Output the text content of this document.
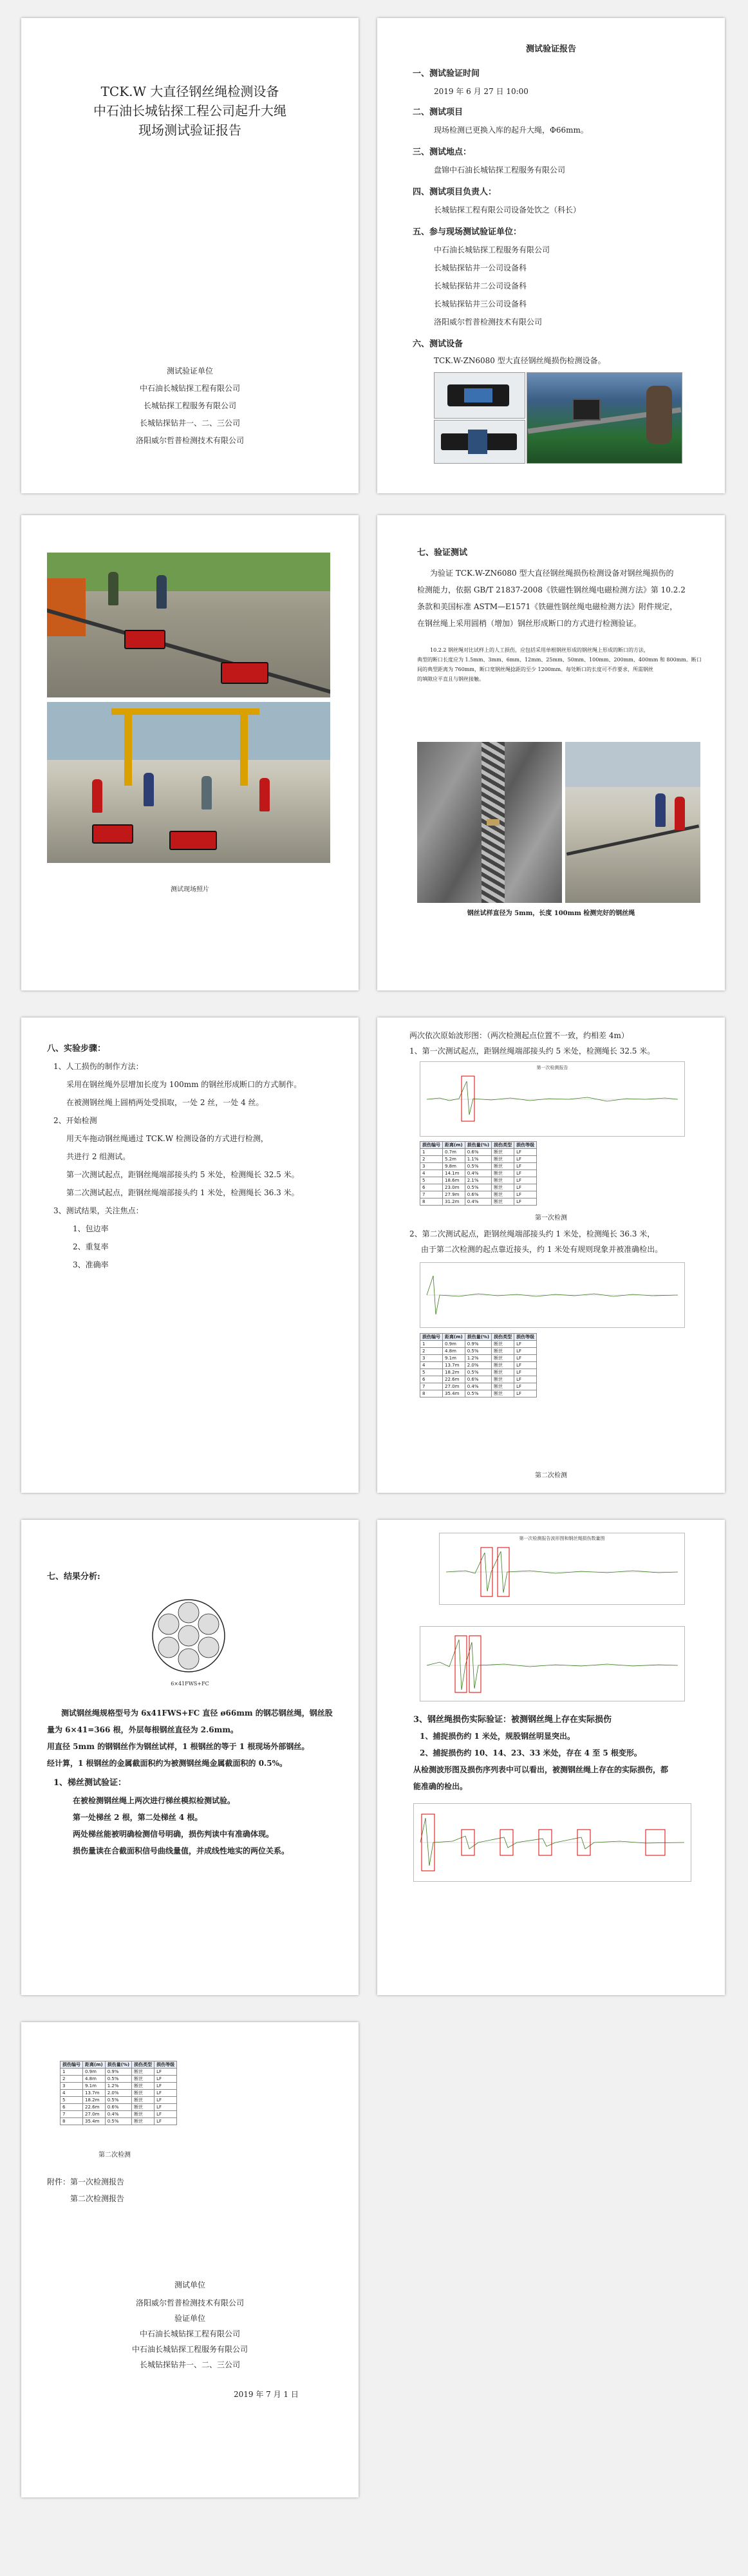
TCK.W 大直径钢丝绳检测设备
中石油长城钻探工程公司起升大绳
现场测试验证报告
测试验证单位
中石油长城钻探工程有限公司
长城钻探工程服务有限公司
长城钻探钻井一、二、三公司
洛阳威尔哲普检测技术有限公司
测试验证报告
一、测试验证时间
2019 年 6 月 27 日 10:00
二、测试项目
现场检测已更换入库的起升大绳，Φ66mm。
三、测试地点：
盘锦中石油长城钻探工程服务有限公司
四、测试项目负责人：
长城钻探工程有限公司设备处饮之（科长）
五、参与现场测试验证单位：
中石油长城钻探工程服务有限公司
长城钻探钻井一公司设备科
长城钻探钻井二公司设备科
长城钻探钻井三公司设备科
洛阳威尔哲普检测技术有限公司
六、测试设备
TCK.W-ZN6080 型大直径钢丝绳损伤检测设备。
测试现场照片
七、验证测试
为验证 TCK.W-ZN6080 型大直径钢丝绳损伤检测设备对钢丝绳损伤的
检测能力，依据 GB/T 21837-2008《铁磁性钢丝绳电磁检测方法》第 10.2.2
条款和美国标准 ASTM—E1571《铁磁性钢丝绳电磁检测方法》附件规定，
在钢丝绳上采用圆梢（增加）钢丝形成断口的方式进行检测验证。
10.2.2 钢丝绳对比试样上的人工损伤，应包括采用单根钢丝形成的钢丝绳上形成的断口的方法，
典型的断口长度应为 1.5mm、3mm、6mm、12mm、25mm、50mm、100mm、200mm、400mm 和 800mm。断口
间的典型距离为 760mm，断口宽钢丝绳捻距的至少 1200mm。每处断口的长度可不作要求，所需钢丝
的填隙应平直且与钢丝接触。
钢丝试样直径为 5mm，长度 100mm 检测完好的钢丝绳
八、实验步骤：
1、人工损伤的制作方法：
采用在钢丝绳外层增加长度为 100mm 的钢丝形成断口的方式制作。
在被测钢丝绳上圆梢两处受损取，一处 2 丝，一处 4 丝。
2、开始检测
用天车拖动钢丝绳通过 TCK.W 检测设备的方式进行检测，
共进行 2 组测试。
第一次测试起点，距钢丝绳端部接头约 5 米处，检测绳长 32.5 米。
第二次测试起点，距钢丝绳端部接头约 1 米处，检测绳长 36.3 米。
3、测试结果，关注焦点：
1、包边率
2、重复率
3、准确率
两次依次原始波形图：（两次检测起点位置不一致，约相差 4m）
1、第一次测试起点，距钢丝绳端部接头约 5 米处，检测绳长 32.5 米。
第一次检测报告
损伤编号	距离(m)	损伤量(%)	损伤类型	损伤等级
1	0.7m	0.6%	断丝	LF
2	5.2m	1.1%	断丝	LF
3	9.8m	0.5%	断丝	LF
4	14.1m	0.4%	断丝	LF
5	18.6m	2.1%	断丝	LF
6	23.0m	0.5%	断丝	LF
7	27.9m	0.6%	断丝	LF
8	31.2m	0.4%	断丝	LF
第一次检测
2、第二次测试起点，距钢丝绳端部接头约 1 米处，检测绳长 36.3 米，
由于第二次检测的起点靠近接头，约 1 米处有规则现象并被准确检出。
损伤编号	距离(m)	损伤量(%)	损伤类型	损伤等级
1	0.9m	0.9%	断丝	LF
2	4.8m	0.5%	断丝	LF
3	9.1m	1.2%	断丝	LF
4	13.7m	2.0%	断丝	LF
5	18.2m	0.5%	断丝	LF
6	22.6m	0.6%	断丝	LF
7	27.0m	0.4%	断丝	LF
8	35.4m	0.5%	断丝	LF
第二次检测
七、结果分析:
6×41FWS+FC
测试钢丝绳规格型号为 6x41FWS+FC 直径 ø66mm 的钢芯钢丝绳，钢丝股
量为 6×41=366 根，外层每根钢丝直径为 2.6mm。
用直径 5mm 的钢钢丝作为钢丝试样，1 根钢丝的等于 1 根现场外部钢丝。
经计算，1 根钢丝的金属截面积约为被测钢丝绳金属截面积的 0.5%。
1、梯丝测试验证：
在被检测钢丝绳上两次进行梯丝模拟检测试验。
第一处梯丝 2 根，第二处梯丝 4 根。
两处梯丝能被明确检测信号明确，损伤判读中有准确体现。
损伤量读在合截面积信号曲线量值，并成线性地实的两位关系。
第一次检测报告波形图和钢丝绳损伤数量图
3、钢丝绳损伤实际验证：被测钢丝绳上存在实际损伤
1、捕捉损伤约 1 米处，规股钢丝明显突出。
2、捕捉损伤约 10、14、23、33 米处，存在 4 至 5 根变形。
从检测波形图及损伤序列表中可以看出，被测钢丝绳上存在的实际损伤，都
能准确的检出。
损伤编号	距离(m)	损伤量(%)	损伤类型	损伤等级
1	0.9m	0.9%	断丝	LF
2	4.8m	0.5%	断丝	LF
3	9.1m	1.2%	断丝	LF
4	13.7m	2.0%	断丝	LF
5	18.2m	0.5%	断丝	LF
6	22.6m	0.6%	断丝	LF
7	27.0m	0.4%	断丝	LF
8	35.4m	0.5%	断丝	LF
第二次检测
附件：第一次检测报告
第二次检测报告
测试单位
洛阳威尔哲普检测技术有限公司
验证单位
中石油长城钻探工程有限公司
中石油长城钻探工程服务有限公司
长城钻探钻井一、二、三公司
2019 年 7 月 1 日
